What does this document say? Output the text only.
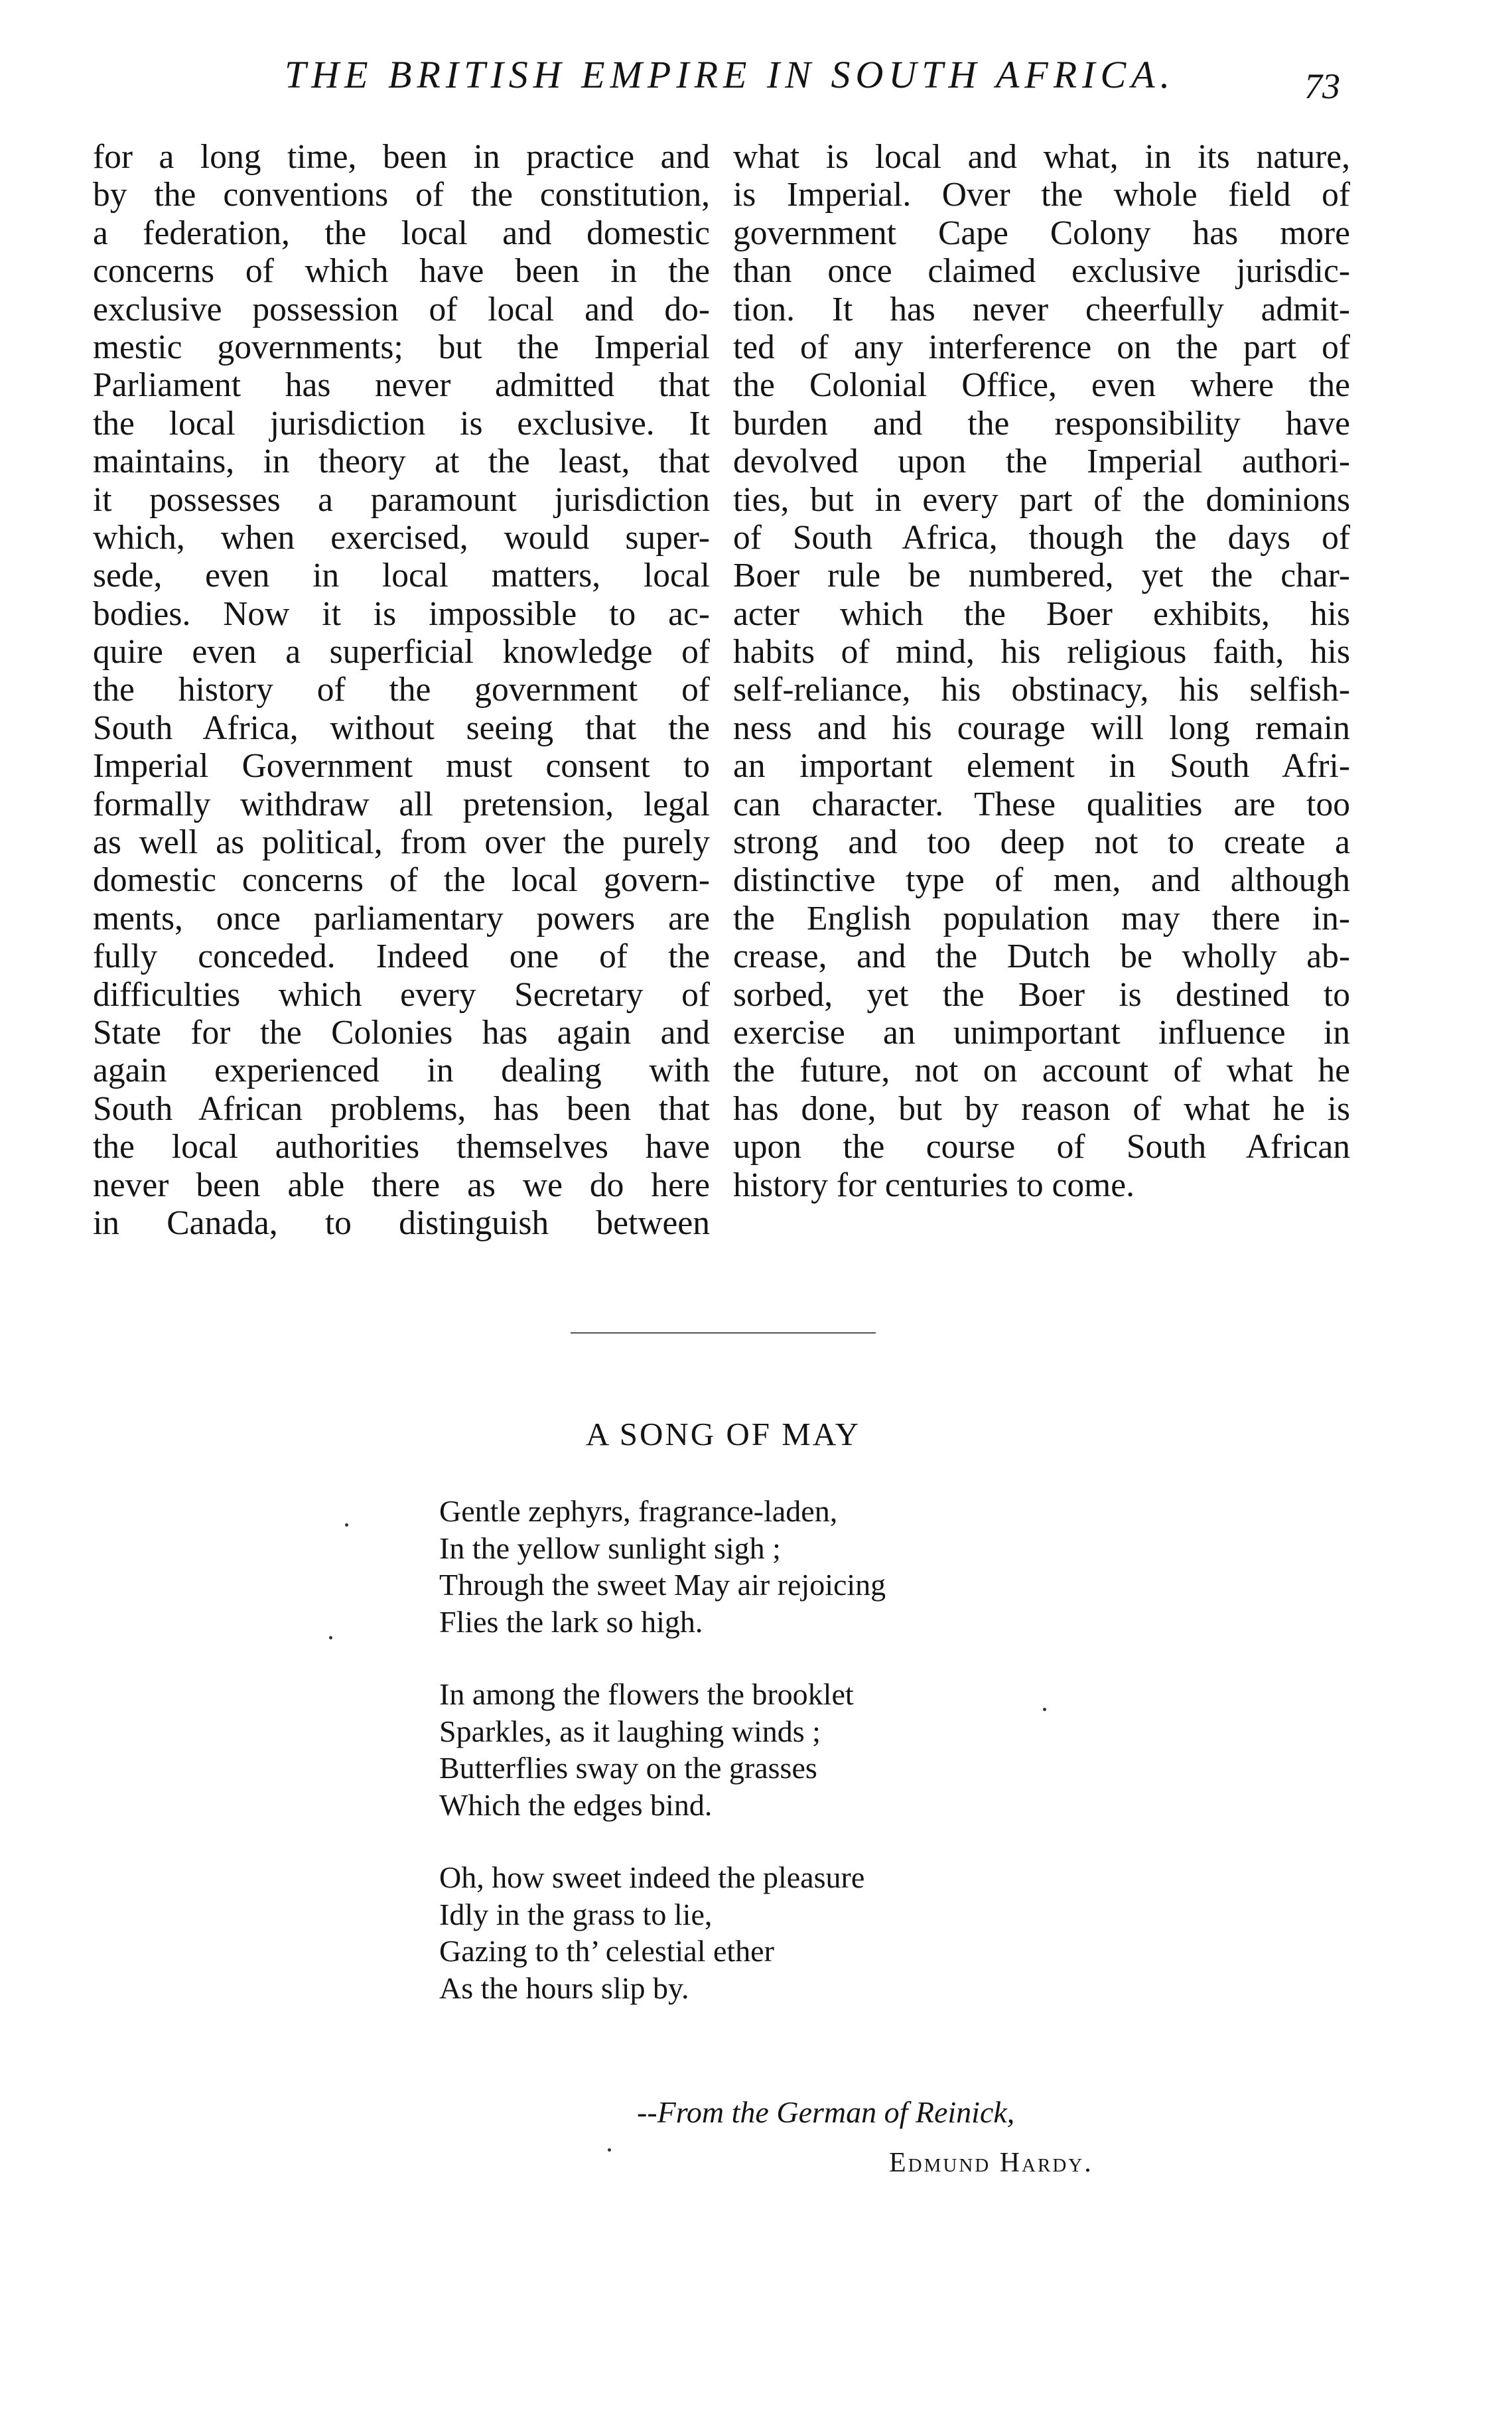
THE BRITISH EMPIRE IN SOUTH AFRICA.	73
for a long time, been in practice and
by the conventions of the constitution,
a federation, the local and domestic
concerns of which have been in the
exclusive possession of local and do-
mestic governments; but the Imperial
Parliament has never admitted that
the local jurisdiction is exclusive. It
maintains, in theory at the least, that
it possesses a paramount jurisdiction
which, when exercised, would super-
sede, even in local matters, local
bodies. Now it is impossible to ac-
quire even a superficial knowledge of
the history of the government of
South Africa, without seeing that the
Imperial Government must consent to
formally withdraw all pretension, legal
as well as political, from over the purely
domestic concerns of the local govern-
ments, once parliamentary powers are
fully conceded. Indeed one of the
difficulties which every Secretary of
State for the Colonies has again and
again experienced in dealing with
South African problems, has been that
the local authorities themselves have
never been able there as we do here
in Canada, to distinguish between
what is local and what, in its nature,
is Imperial. Over the whole field of
government Cape Colony has more
than once claimed exclusive jurisdic-
tion. It has never cheerfully admit-
ted of any interference on the part of
the Colonial Office, even where the
burden and the responsibility have
devolved upon the Imperial authori-
ties, but in every part of the dominions
of South Africa, though the days of
Boer rule be numbered, yet the char-
acter which the Boer exhibits, his
habits of mind, his religious faith, his
self-reliance, his obstinacy, his selfish-
ness and his courage will long remain
an important element in South Afri-
can character. These qualities are too
strong and too deep not to create a
distinctive type of men, and although
the English population may there in-
crease, and the Dutch be wholly ab-
sorbed, yet the Boer is destined to
exercise an unimportant influence in
the future, not on account of what he
has done, but by reason of what he is
upon the course of South African
history for centuries to come.
A SONG OF MAY
Gentle zephyrs, fragrance-laden,
In the yellow sunlight sigh ;
Through the sweet May air rejoicing
Flies the lark so high.
In among the flowers the brooklet
Sparkles, as it laughing winds ;
Butterflies sway on the grasses
Which the edges bind.
Oh, how sweet indeed the pleasure
Idly in the grass to lie,
Gazing to th’ celestial ether
As the hours slip by.
--From the German of Reinick,
Edmund Hardy.
